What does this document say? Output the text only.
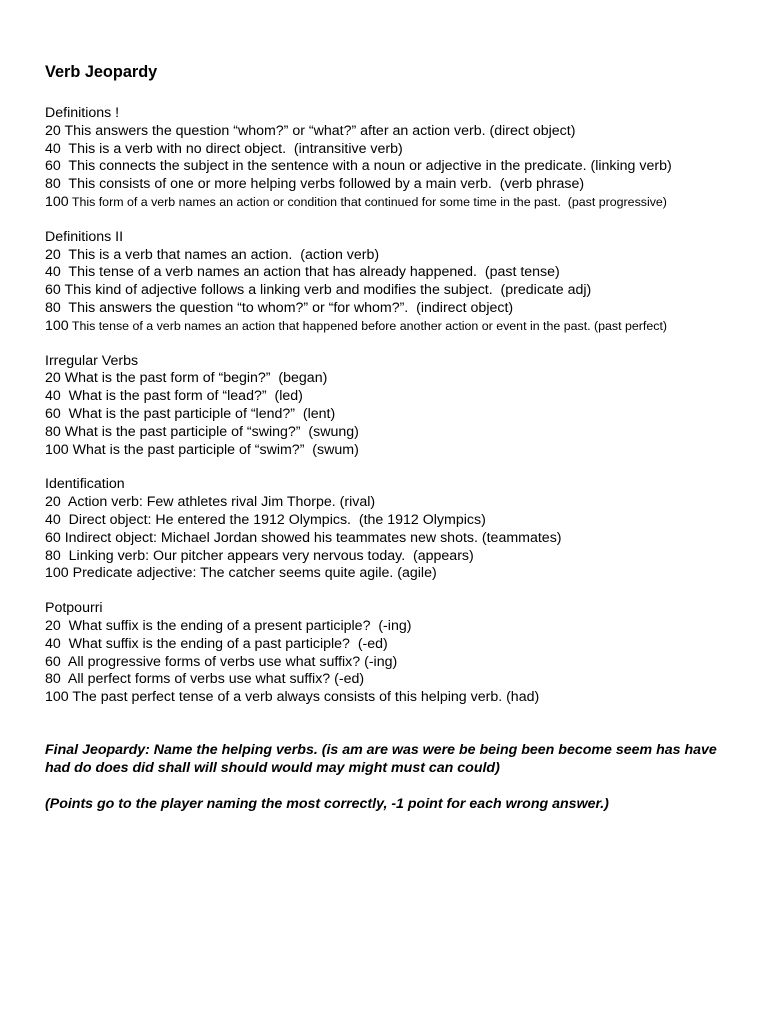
Verb Jeopardy
Definitions !
20 This answers the question “whom?” or “what?” after an action verb. (direct object)
40  This is a verb with no direct object.  (intransitive verb)
60  This connects the subject in the sentence with a noun or adjective in the predicate. (linking verb)
80  This consists of one or more helping verbs followed by a main verb.  (verb phrase)
100 This form of a verb names an action or condition that continued for some time in the past.  (past progressive)
Definitions II
20  This is a verb that names an action.  (action verb)
40  This tense of a verb names an action that has already happened.  (past tense)
60 This kind of adjective follows a linking verb and modifies the subject.  (predicate adj)
80  This answers the question “to whom?” or “for whom?”.  (indirect object)
100 This tense of a verb names an action that happened before another action or event in the past. (past perfect)
Irregular Verbs
20 What is the past form of “begin?”  (began)
40  What is the past form of “lead?”  (led)
60  What is the past participle of “lend?”  (lent)
80 What is the past participle of “swing?”  (swung)
100 What is the past participle of “swim?”  (swum)
Identification
20  Action verb: Few athletes rival Jim Thorpe. (rival)
40  Direct object: He entered the 1912 Olympics.  (the 1912 Olympics)
60 Indirect object: Michael Jordan showed his teammates new shots. (teammates)
80  Linking verb: Our pitcher appears very nervous today.  (appears)
100 Predicate adjective: The catcher seems quite agile. (agile)
Potpourri
20  What suffix is the ending of a present participle?  (-ing)
40  What suffix is the ending of a past participle?  (-ed)
60  All progressive forms of verbs use what suffix? (-ing)
80  All perfect forms of verbs use what suffix? (-ed)
100 The past perfect tense of a verb always consists of this helping verb. (had)
Final Jeopardy: Name the helping verbs. (is am are was were be being been become seem has have had do does did shall will should would may might must can could)
(Points go to the player naming the most correctly, -1 point for each wrong answer.)
